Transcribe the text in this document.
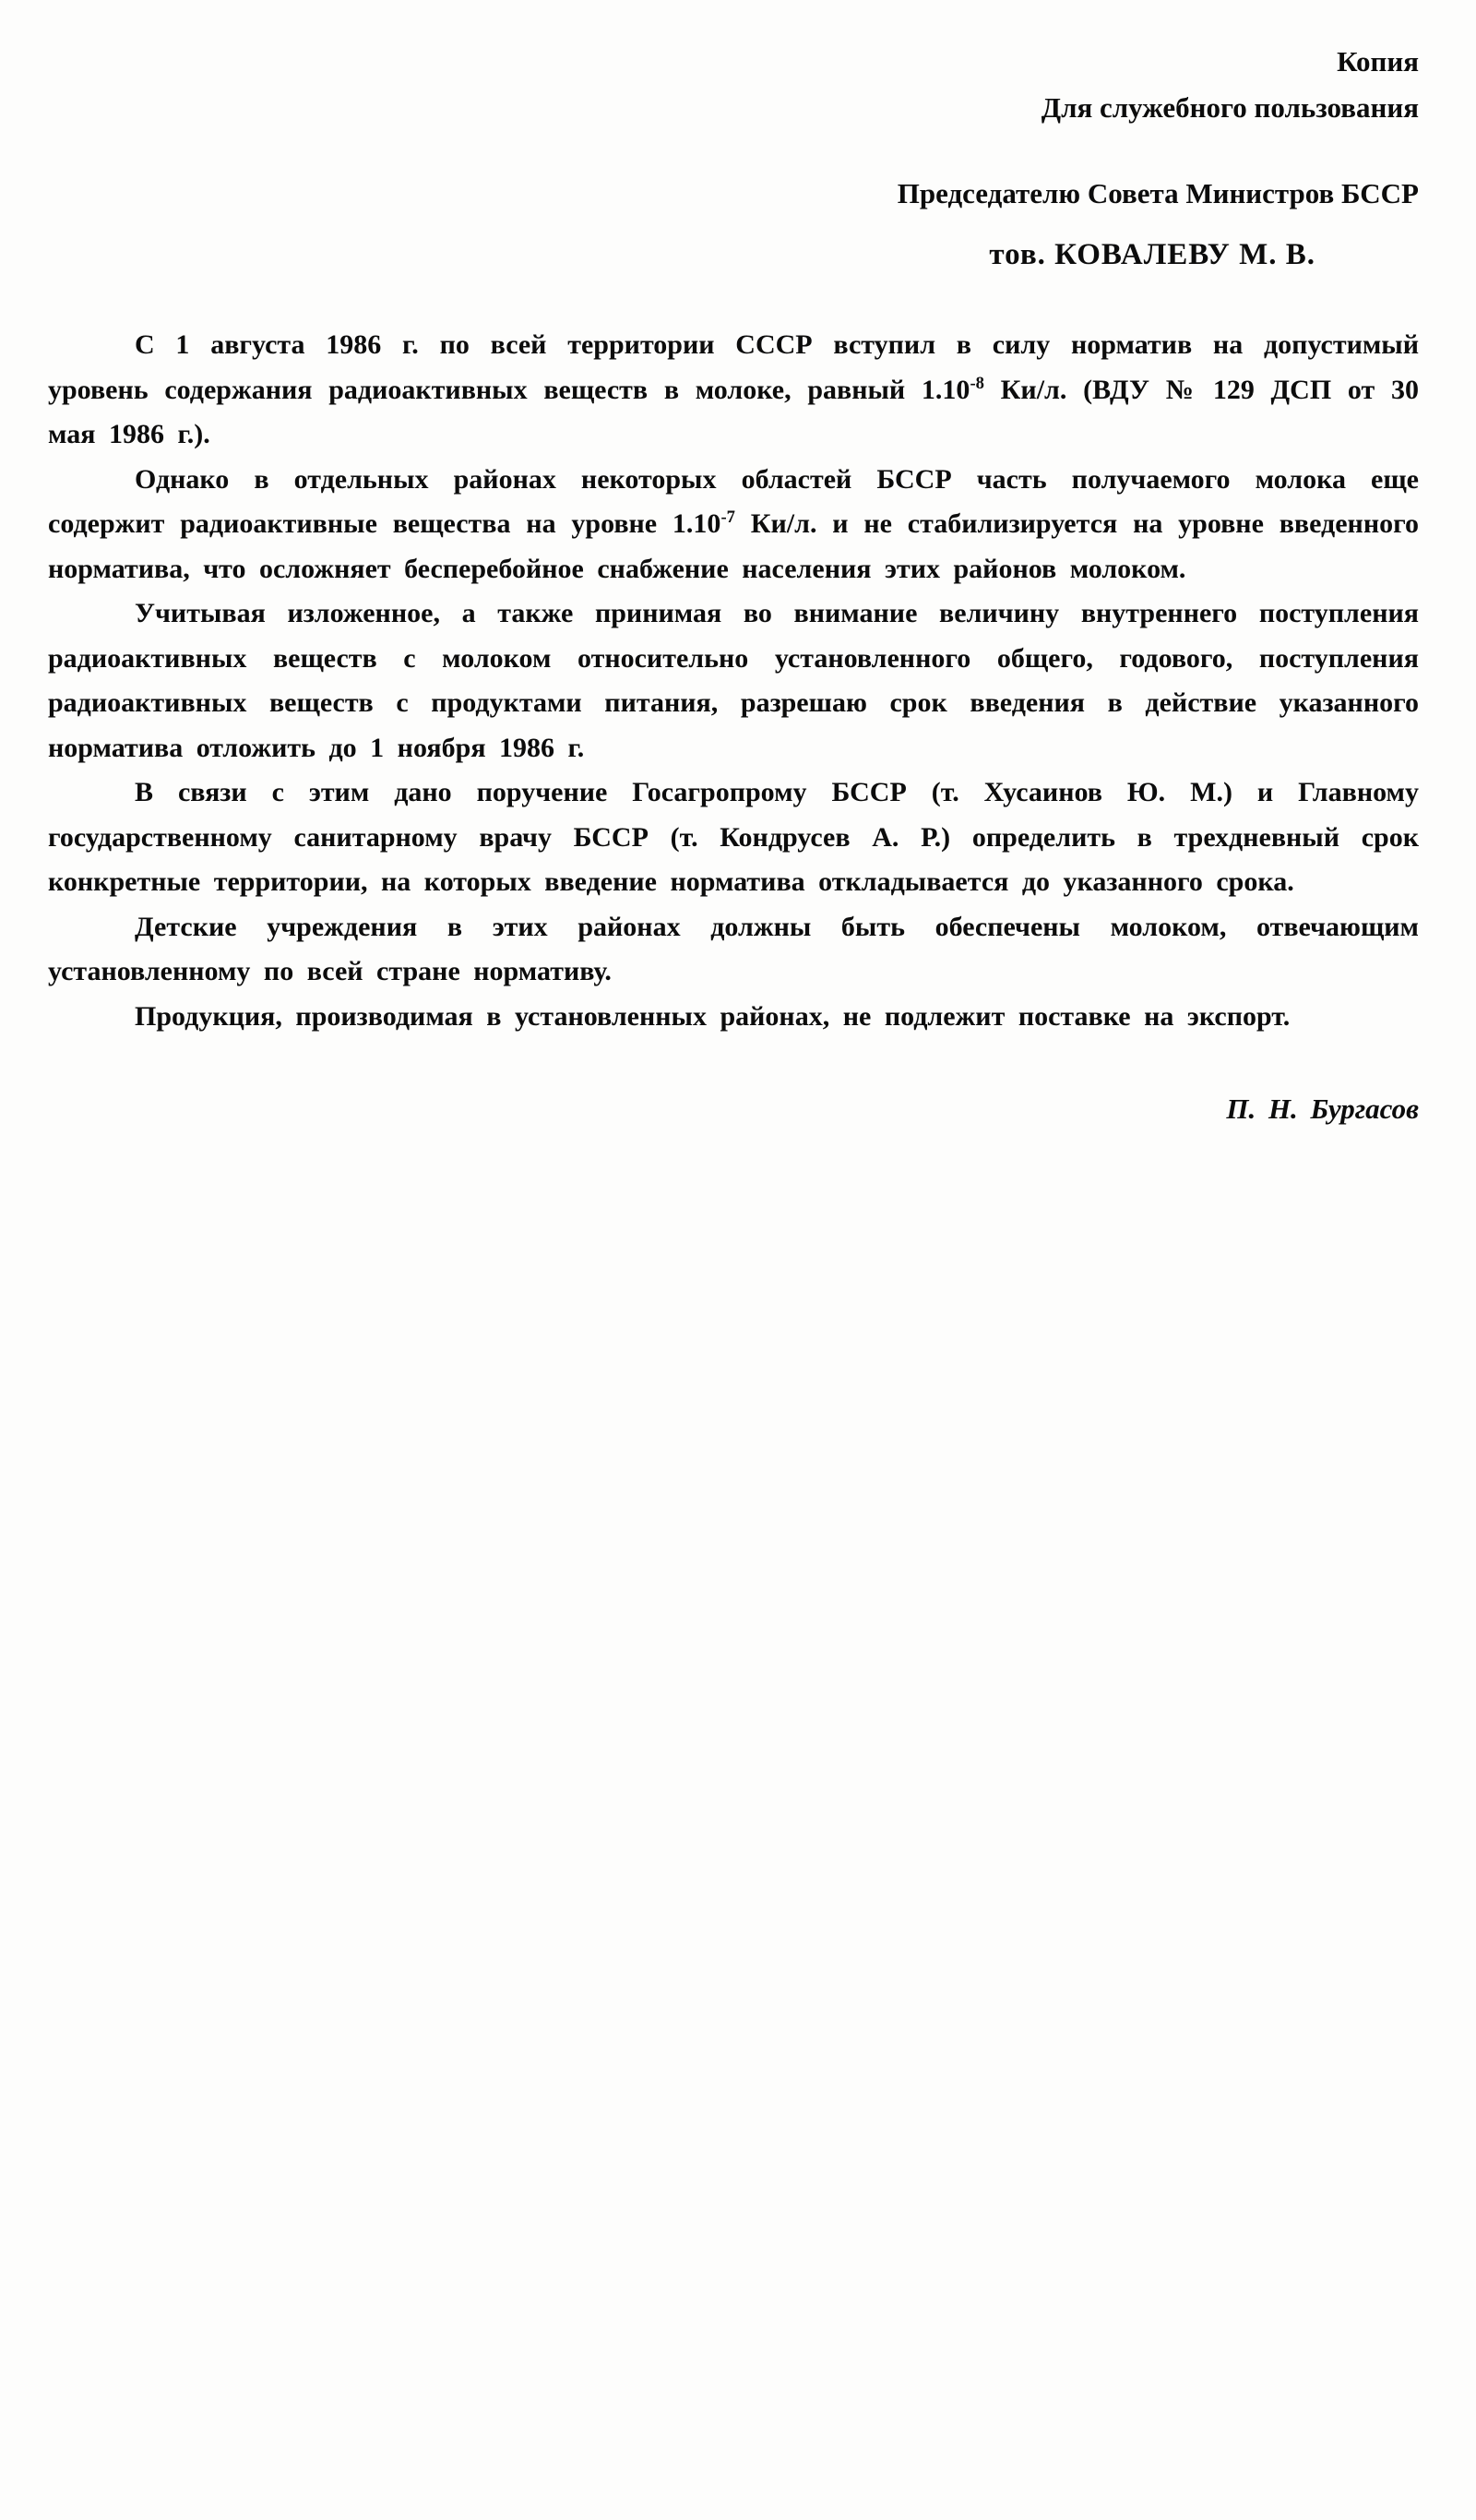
Копия
Для служебного пользования
Председателю Совета Министров БССР
тов. КОВАЛЕВУ М. В.

С 1 августа 1986 г. по всей территории СССР вступил в силу норматив на допустимый уровень содержания радиоактивных веществ в молоке, равный $1.10^{-8}$ Ки/л. (ВДУ № 129 ДСП от 30 мая 1986 г.).

Однако в отдельных районах некоторых областей БССР часть получаемого молока еще содержит радиоактивные вещества на уровне $1.10^{-7}$ Ки/л. и не стабилизируется на уровне введенного норматива, что осложняет бесперебойное снабжение населения этих районов молоком.

Учитывая изложенное, а также принимая во внимание величину внутреннего поступления радиоактивных веществ с молоком относительно установленного общего, годового, поступления радиоактивных веществ с продуктами питания, разрешаю срок введения в действие указанного норматива отложить до 1 ноября 1986 г.

В связи с этим дано поручение Госагропрому БССР (т. Хусаинов Ю. М.) и Главному государственному санитарному врачу БССР (т. Кондрусев А. Р.) определить в трехдневный срок конкретные территории, на которых введение норматива откладывается до указанного срока.

Детские учреждения в этих районах должны быть обеспечены молоком, отвечающим установленному по всей стране нормативу.

Продукция, производимая в установленных районах, не подлежит поставке на экспорт.

П. Н. Бургасов
